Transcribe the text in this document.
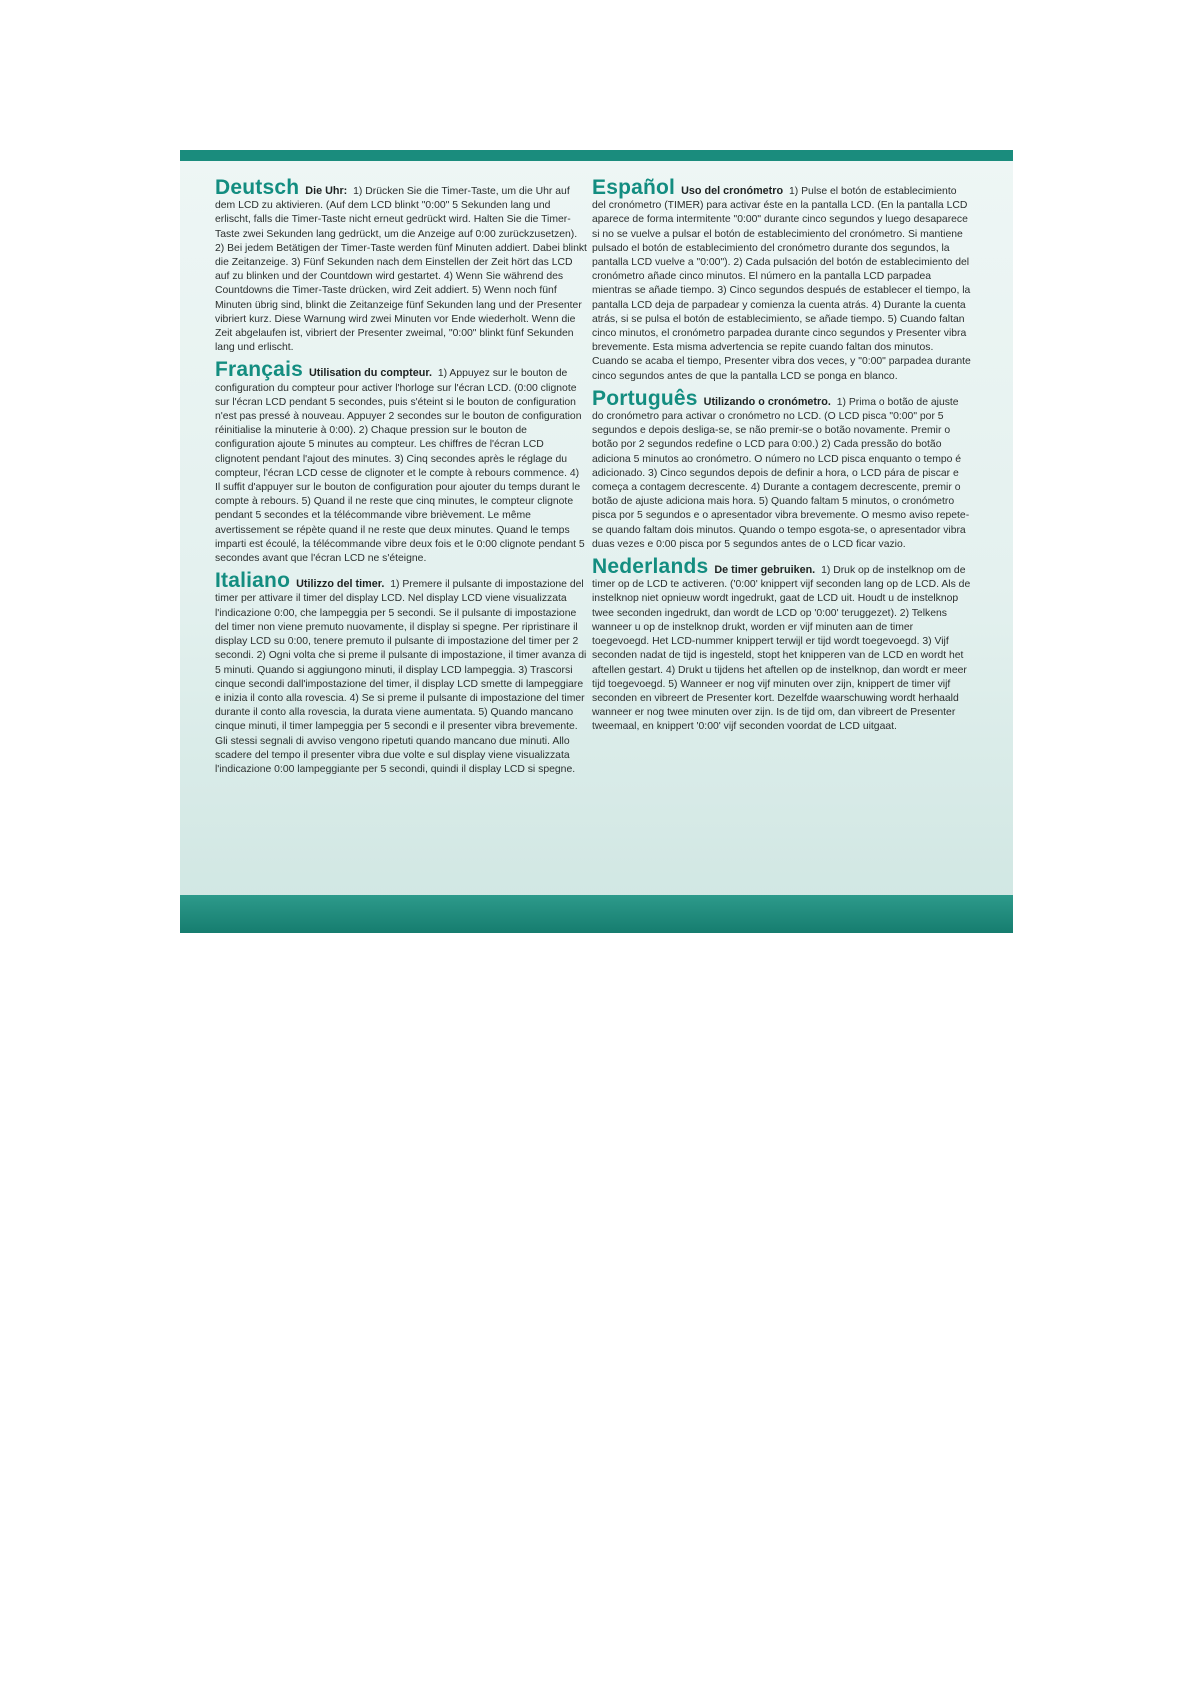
Deutsch Die Uhr: 1) Drücken Sie die Timer-Taste, um die Uhr auf dem LCD zu aktivieren. (Auf dem LCD blinkt "0:00" 5 Sekunden lang und erlischt, falls die Timer-Taste nicht erneut gedrückt wird. Halten Sie die Timer-Taste zwei Sekunden lang gedrückt, um die Anzeige auf 0:00 zurückzusetzen). 2) Bei jedem Betätigen der Timer-Taste werden fünf Minuten addiert. Dabei blinkt die Zeitanzeige. 3) Fünf Sekunden nach dem Einstellen der Zeit hört das LCD auf zu blinken und der Countdown wird gestartet. 4) Wenn Sie während des Countdowns die Timer-Taste drücken, wird Zeit addiert. 5) Wenn noch fünf Minuten übrig sind, blinkt die Zeitanzeige fünf Sekunden lang und der Presenter vibriert kurz. Diese Warnung wird zwei Minuten vor Ende wiederholt. Wenn die Zeit abgelaufen ist, vibriert der Presenter zweimal, "0:00" blinkt fünf Sekunden lang und erlischt.

Français Utilisation du compteur. 1) Appuyez sur le bouton de configuration du compteur pour activer l'horloge sur l'écran LCD. (0:00 clignote sur l'écran LCD pendant 5 secondes, puis s'éteint si le bouton de configuration n'est pas pressé à nouveau. Appuyer 2 secondes sur le bouton de configuration réinitialise la minuterie à 0:00). 2) Chaque pression sur le bouton de configuration ajoute 5 minutes au compteur. Les chiffres de l'écran LCD clignotent pendant l'ajout des minutes. 3) Cinq secondes après le réglage du compteur, l'écran LCD cesse de clignoter et le compte à rebours commence. 4) Il suffit d'appuyer sur le bouton de configuration pour ajouter du temps durant le compte à rebours. 5) Quand il ne reste que cinq minutes, le compteur clignote pendant 5 secondes et la télécommande vibre brièvement. Le même avertissement se répète quand il ne reste que deux minutes. Quand le temps imparti est écoulé, la télécommande vibre deux fois et le 0:00 clignote pendant 5 secondes avant que l'écran LCD ne s'éteigne.

Italiano Utilizzo del timer. 1) Premere il pulsante di impostazione del timer per attivare il timer del display LCD. Nel display LCD viene visualizzata l'indicazione 0:00, che lampeggia per 5 secondi. Se il pulsante di impostazione del timer non viene premuto nuovamente, il display si spegne. Per ripristinare il display LCD su 0:00, tenere premuto il pulsante di impostazione del timer per 2 secondi. 2) Ogni volta che si preme il pulsante di impostazione, il timer avanza di 5 minuti. Quando si aggiungono minuti, il display LCD lampeggia. 3) Trascorsi cinque secondi dall'impostazione del timer, il display LCD smette di lampeggiare e inizia il conto alla rovescia. 4) Se si preme il pulsante di impostazione del timer durante il conto alla rovescia, la durata viene aumentata. 5) Quando mancano cinque minuti, il timer lampeggia per 5 secondi e il presenter vibra brevemente. Gli stessi segnali di avviso vengono ripetuti quando mancano due minuti. Allo scadere del tempo il presenter vibra due volte e sul display viene visualizzata l'indicazione 0:00 lampeggiante per 5 secondi, quindi il display LCD si spegne.

Español Uso del cronómetro 1) Pulse el botón de establecimiento del cronómetro (TIMER) para activar éste en la pantalla LCD. (En la pantalla LCD aparece de forma intermitente "0:00" durante cinco segundos y luego desaparece si no se vuelve a pulsar el botón de establecimiento del cronómetro. Si mantiene pulsado el botón de establecimiento del cronómetro durante dos segundos, la pantalla LCD vuelve a "0:00"). 2) Cada pulsación del botón de establecimiento del cronómetro añade cinco minutos. El número en la pantalla LCD parpadea mientras se añade tiempo. 3) Cinco segundos después de establecer el tiempo, la pantalla LCD deja de parpadear y comienza la cuenta atrás. 4) Durante la cuenta atrás, si se pulsa el botón de establecimiento, se añade tiempo. 5) Cuando faltan cinco minutos, el cronómetro parpadea durante cinco segundos y Presenter vibra brevemente. Esta misma advertencia se repite cuando faltan dos minutos. Cuando se acaba el tiempo, Presenter vibra dos veces, y "0:00" parpadea durante cinco segundos antes de que la pantalla LCD se ponga en blanco.

Português Utilizando o cronómetro. 1) Prima o botão de ajuste do cronómetro para activar o cronómetro no LCD. (O LCD pisca "0:00" por 5 segundos e depois desliga-se, se não premir-se o botão novamente. Premir o botão por 2 segundos redefine o LCD para 0:00.) 2) Cada pressão do botão adiciona 5 minutos ao cronómetro. O número no LCD pisca enquanto o tempo é adicionado. 3) Cinco segundos depois de definir a hora, o LCD pára de piscar e começa a contagem decrescente. 4) Durante a contagem decrescente, premir o botão de ajuste adiciona mais hora. 5) Quando faltam 5 minutos, o cronómetro pisca por 5 segundos e o apresentador vibra brevemente. O mesmo aviso repete-se quando faltam dois minutos. Quando o tempo esgota-se, o apresentador vibra duas vezes e 0:00 pisca por 5 segundos antes de o LCD ficar vazio.

Nederlands De timer gebruiken. 1) Druk op de instelknop om de timer op de LCD te activeren. ('0:00' knippert vijf seconden lang op de LCD. Als de instelknop niet opnieuw wordt ingedrukt, gaat de LCD uit. Houdt u de instelknop twee seconden ingedrukt, dan wordt de LCD op '0:00' teruggezet). 2) Telkens wanneer u op de instelknop drukt, worden er vijf minuten aan de timer toegevoegd. Het LCD-nummer knippert terwijl er tijd wordt toegevoegd. 3) Vijf seconden nadat de tijd is ingesteld, stopt het knipperen van de LCD en wordt het aftellen gestart. 4) Drukt u tijdens het aftellen op de instelknop, dan wordt er meer tijd toegevoegd. 5) Wanneer er nog vijf minuten over zijn, knippert de timer vijf seconden en vibreert de Presenter kort. Dezelfde waarschuwing wordt herhaald wanneer er nog twee minuten over zijn. Is de tijd om, dan vibreert de Presenter tweemaal, en knippert '0:00' vijf seconden voordat de LCD uitgaat.
